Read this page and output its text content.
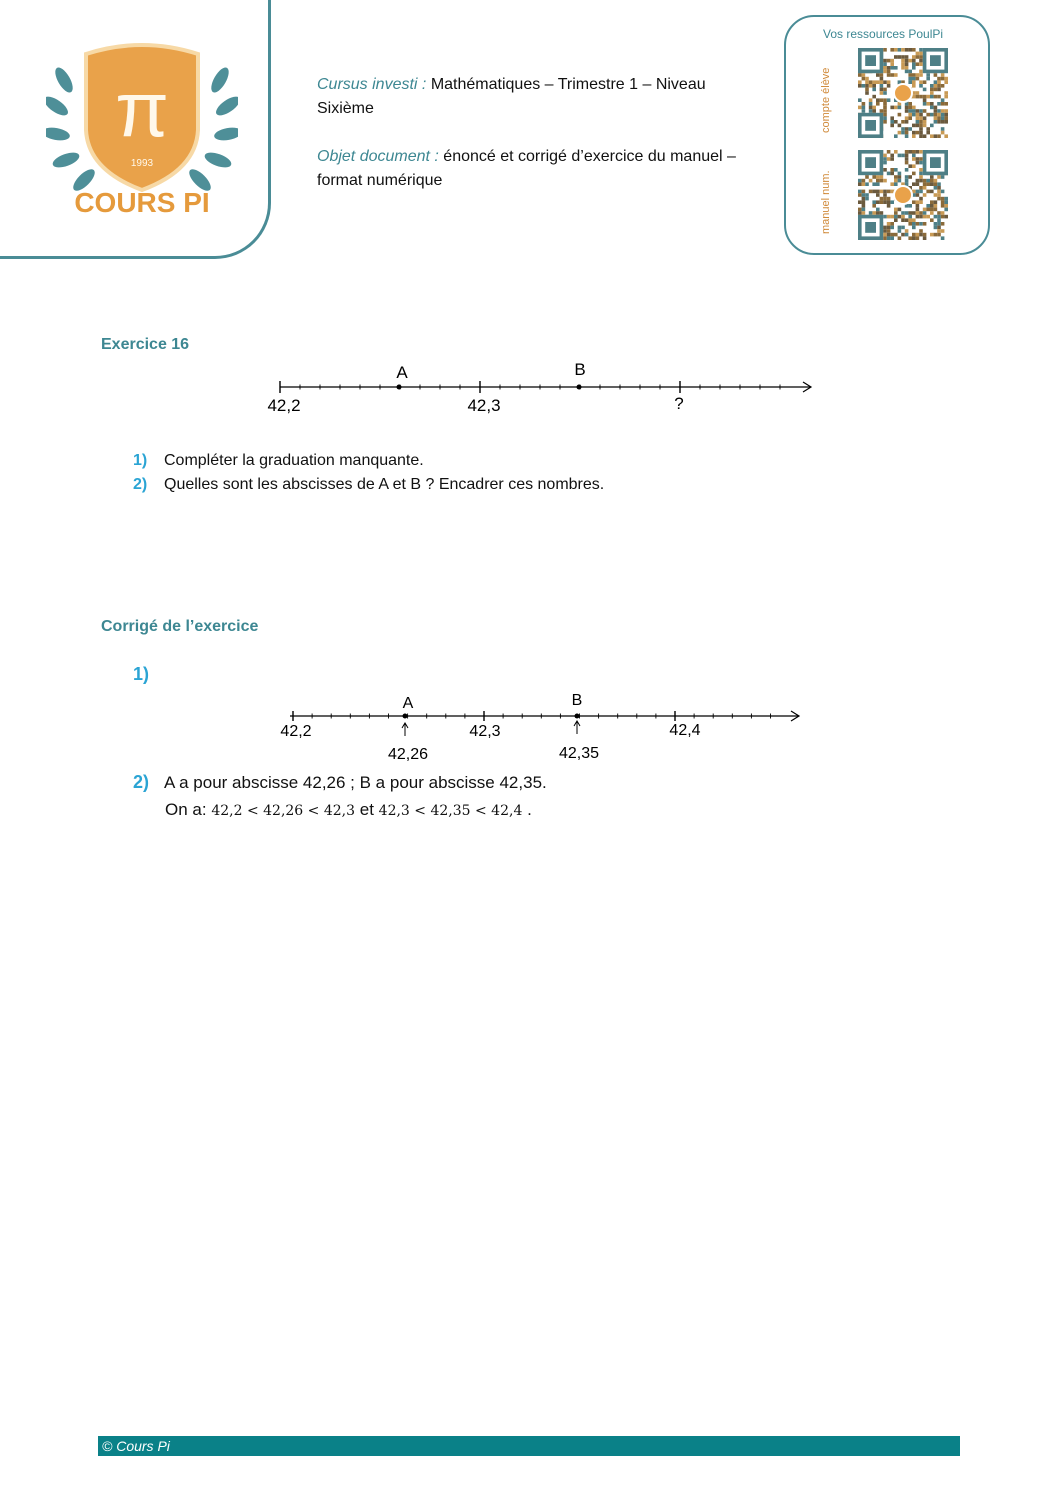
π
1993
COURS PI
Cursus investi : Mathématiques – Trimestre 1 – Niveau Sixième
Objet document : énoncé et corrigé d’exercice du manuel – format numérique
Vos ressources PoulPi
compte élève
manuel num.
Exercice 16
A	B
42,2	42,3	?
1) Compléter la graduation manquante.
2) Quelles sont les abscisses de A et B ? Encadrer ces nombres.
Corrigé de l’exercice
1)
A	B
42,2	42,3	42,4
42,26	42,35
2) A a pour abscisse 42,26 ; B a pour abscisse 42,35.
On a: 42,2 < 42,26 < 42,3 et 42,3 < 42,35 < 42,4 .
© Cours Pi
